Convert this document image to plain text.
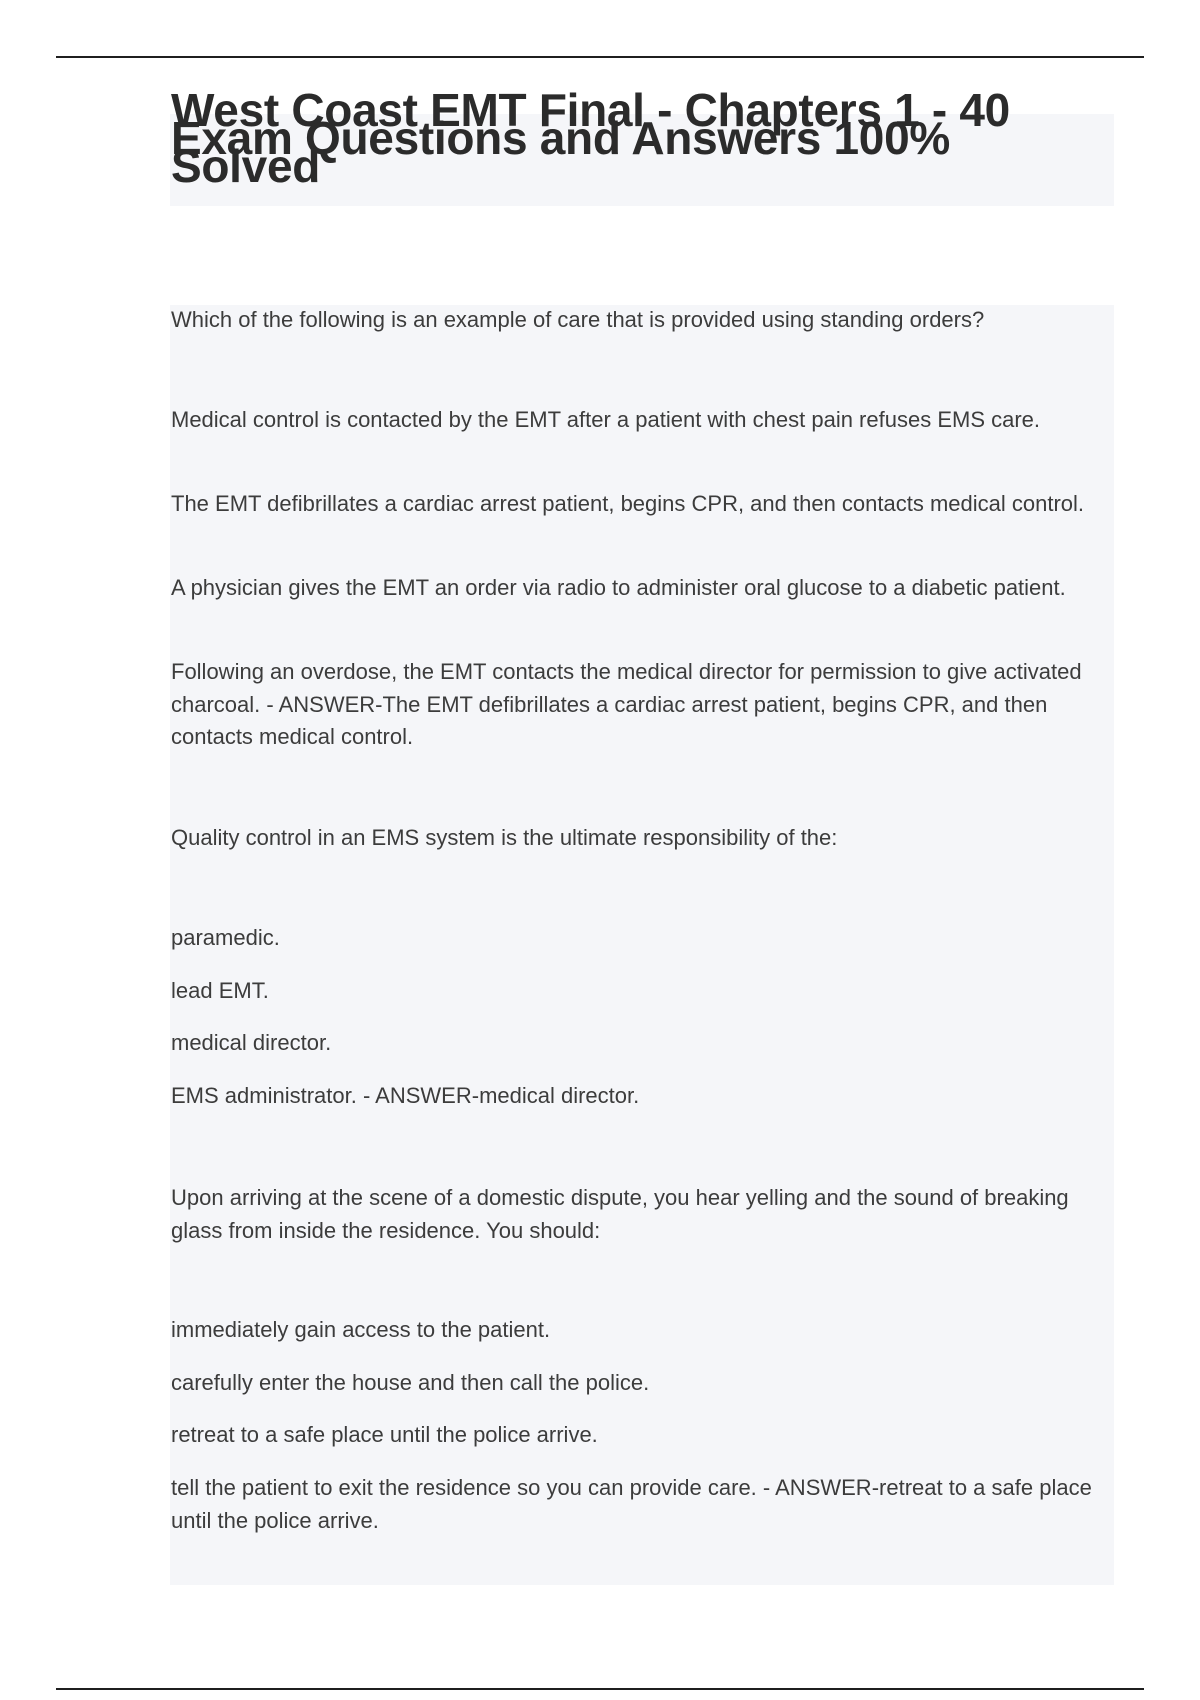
West Coast EMT Final - Chapters 1 - 40 Exam Questions and Answers 100% Solved

Which of the following is an example of care that is provided using standing orders?

Medical control is contacted by the EMT after a patient with chest pain refuses EMS care.

The EMT defibrillates a cardiac arrest patient, begins CPR, and then contacts medical control.

A physician gives the EMT an order via radio to administer oral glucose to a diabetic patient.

Following an overdose, the EMT contacts the medical director for permission to give activated charcoal. - ANSWER-The EMT defibrillates a cardiac arrest patient, begins CPR, and then contacts medical control.

Quality control in an EMS system is the ultimate responsibility of the:

paramedic.

lead EMT.

medical director.

EMS administrator. - ANSWER-medical director.

Upon arriving at the scene of a domestic dispute, you hear yelling and the sound of breaking glass from inside the residence. You should:

immediately gain access to the patient.

carefully enter the house and then call the police.

retreat to a safe place until the police arrive.

tell the patient to exit the residence so you can provide care. - ANSWER-retreat to a safe place until the police arrive.
